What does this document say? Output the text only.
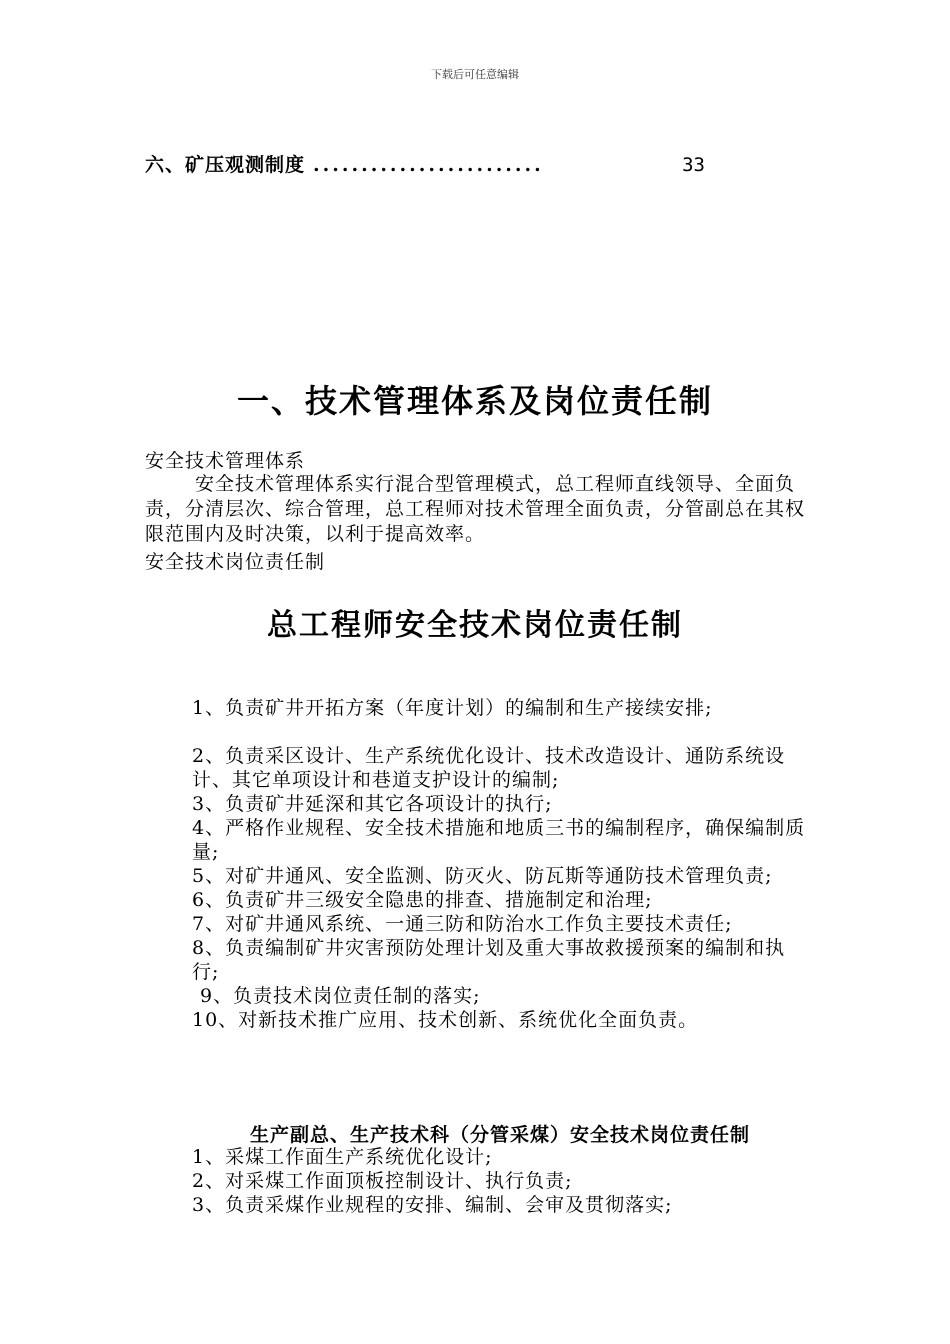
下载后可任意编辑
六、矿压观测制度 ........................	33
一、技术管理体系及岗位责任制

安全技术管理体系

安全技术管理体系实行混合型管理模式，总工程师直线领导、全面负责，分清层次、综合管理，总工程师对技术管理全面负责，分管副总在其权限范围内及时决策，以利于提高效率。

安全技术岗位责任制

总工程师安全技术岗位责任制
1、负责矿井开拓方案（年度计划）的编制和生产接续安排;
2、负责采区设计、生产系统优化设计、技术改造设计、通防系统设计、其它单项设计和巷道支护设计的编制;
3、负责矿井延深和其它各项设计的执行;
4、严格作业规程、安全技术措施和地质三书的编制程序，确保编制质量;
5、对矿井通风、安全监测、防灭火、防瓦斯等通防技术管理负责;
6、负责矿井三级安全隐患的排查、措施制定和治理;
7、对矿井通风系统、一通三防和防治水工作负主要技术责任;
8、负责编制矿井灾害预防处理计划及重大事故救援预案的编制和执行;
9、负责技术岗位责任制的落实;
10、对新技术推广应用、技术创新、系统优化全面负责。
生产副总、生产技术科（分管采煤）安全技术岗位责任制
1、采煤工作面生产系统优化设计;
2、对采煤工作面顶板控制设计、执行负责;
3、负责采煤作业规程的安排、编制、会审及贯彻落实;
